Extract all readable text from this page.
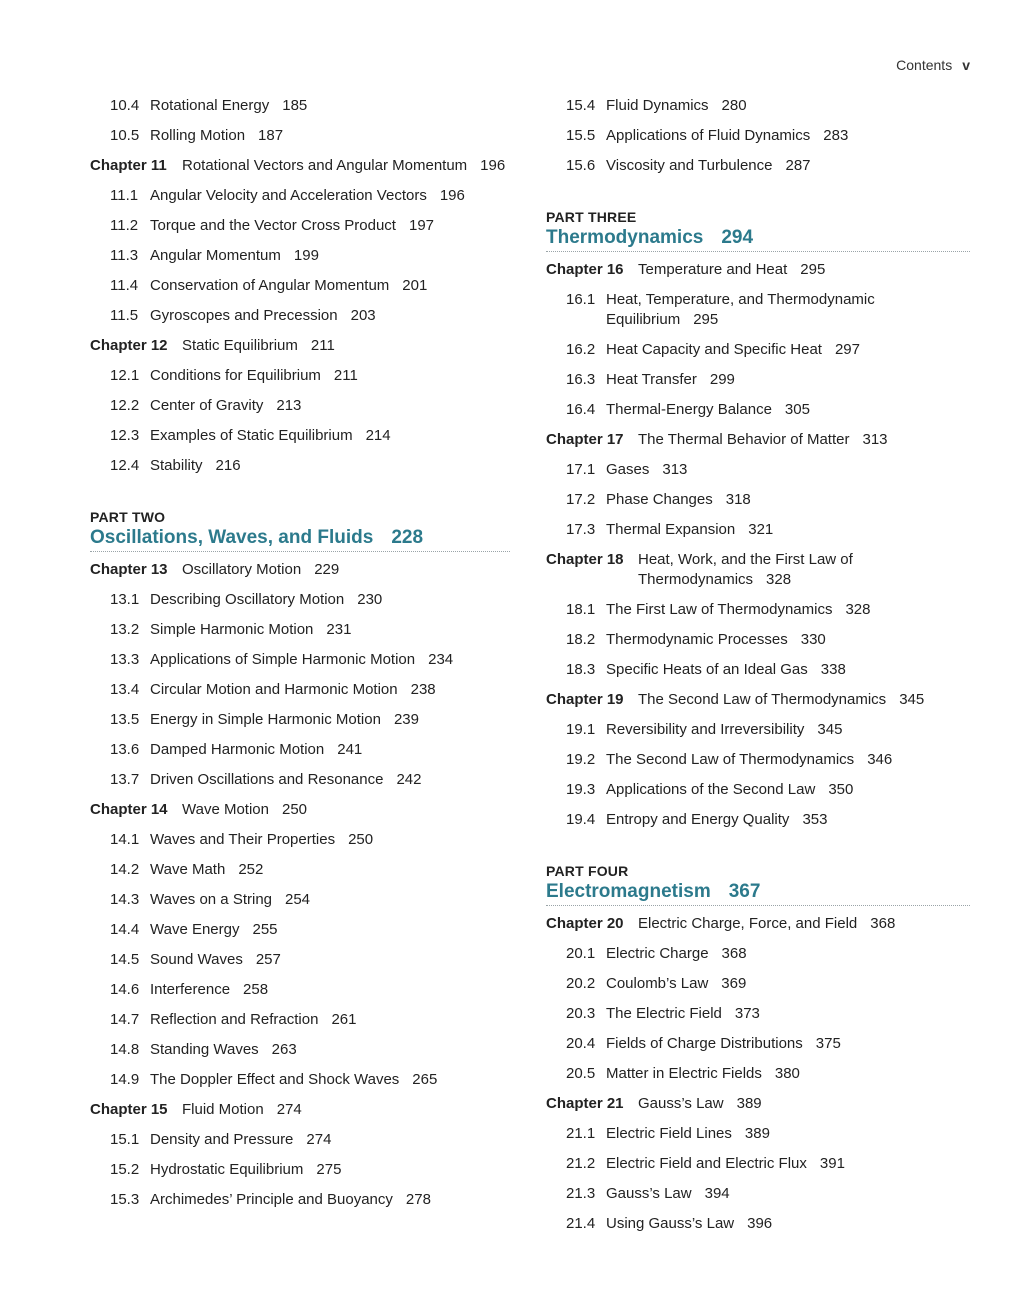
Contents v
10.4 Rotational Energy 185
10.5 Rolling Motion 187
Chapter 11 Rotational Vectors and Angular Momentum 196
11.1 Angular Velocity and Acceleration Vectors 196
11.2 Torque and the Vector Cross Product 197
11.3 Angular Momentum 199
11.4 Conservation of Angular Momentum 201
11.5 Gyroscopes and Precession 203
Chapter 12 Static Equilibrium 211
12.1 Conditions for Equilibrium 211
12.2 Center of Gravity 213
12.3 Examples of Static Equilibrium 214
12.4 Stability 216
PART TWO
Oscillations, Waves, and Fluids 228
Chapter 13 Oscillatory Motion 229
13.1 Describing Oscillatory Motion 230
13.2 Simple Harmonic Motion 231
13.3 Applications of Simple Harmonic Motion 234
13.4 Circular Motion and Harmonic Motion 238
13.5 Energy in Simple Harmonic Motion 239
13.6 Damped Harmonic Motion 241
13.7 Driven Oscillations and Resonance 242
Chapter 14 Wave Motion 250
14.1 Waves and Their Properties 250
14.2 Wave Math 252
14.3 Waves on a String 254
14.4 Wave Energy 255
14.5 Sound Waves 257
14.6 Interference 258
14.7 Reflection and Refraction 261
14.8 Standing Waves 263
14.9 The Doppler Effect and Shock Waves 265
Chapter 15 Fluid Motion 274
15.1 Density and Pressure 274
15.2 Hydrostatic Equilibrium 275
15.3 Archimedes’ Principle and Buoyancy 278
15.4 Fluid Dynamics 280
15.5 Applications of Fluid Dynamics 283
15.6 Viscosity and Turbulence 287
PART THREE
Thermodynamics 294
Chapter 16 Temperature and Heat 295
16.1 Heat, Temperature, and Thermodynamic Equilibrium 295
16.2 Heat Capacity and Specific Heat 297
16.3 Heat Transfer 299
16.4 Thermal-Energy Balance 305
Chapter 17 The Thermal Behavior of Matter 313
17.1 Gases 313
17.2 Phase Changes 318
17.3 Thermal Expansion 321
Chapter 18 Heat, Work, and the First Law of Thermodynamics 328
18.1 The First Law of Thermodynamics 328
18.2 Thermodynamic Processes 330
18.3 Specific Heats of an Ideal Gas 338
Chapter 19 The Second Law of Thermodynamics 345
19.1 Reversibility and Irreversibility 345
19.2 The Second Law of Thermodynamics 346
19.3 Applications of the Second Law 350
19.4 Entropy and Energy Quality 353
PART FOUR
Electromagnetism 367
Chapter 20 Electric Charge, Force, and Field 368
20.1 Electric Charge 368
20.2 Coulomb’s Law 369
20.3 The Electric Field 373
20.4 Fields of Charge Distributions 375
20.5 Matter in Electric Fields 380
Chapter 21 Gauss’s Law 389
21.1 Electric Field Lines 389
21.2 Electric Field and Electric Flux 391
21.3 Gauss’s Law 394
21.4 Using Gauss’s Law 396
